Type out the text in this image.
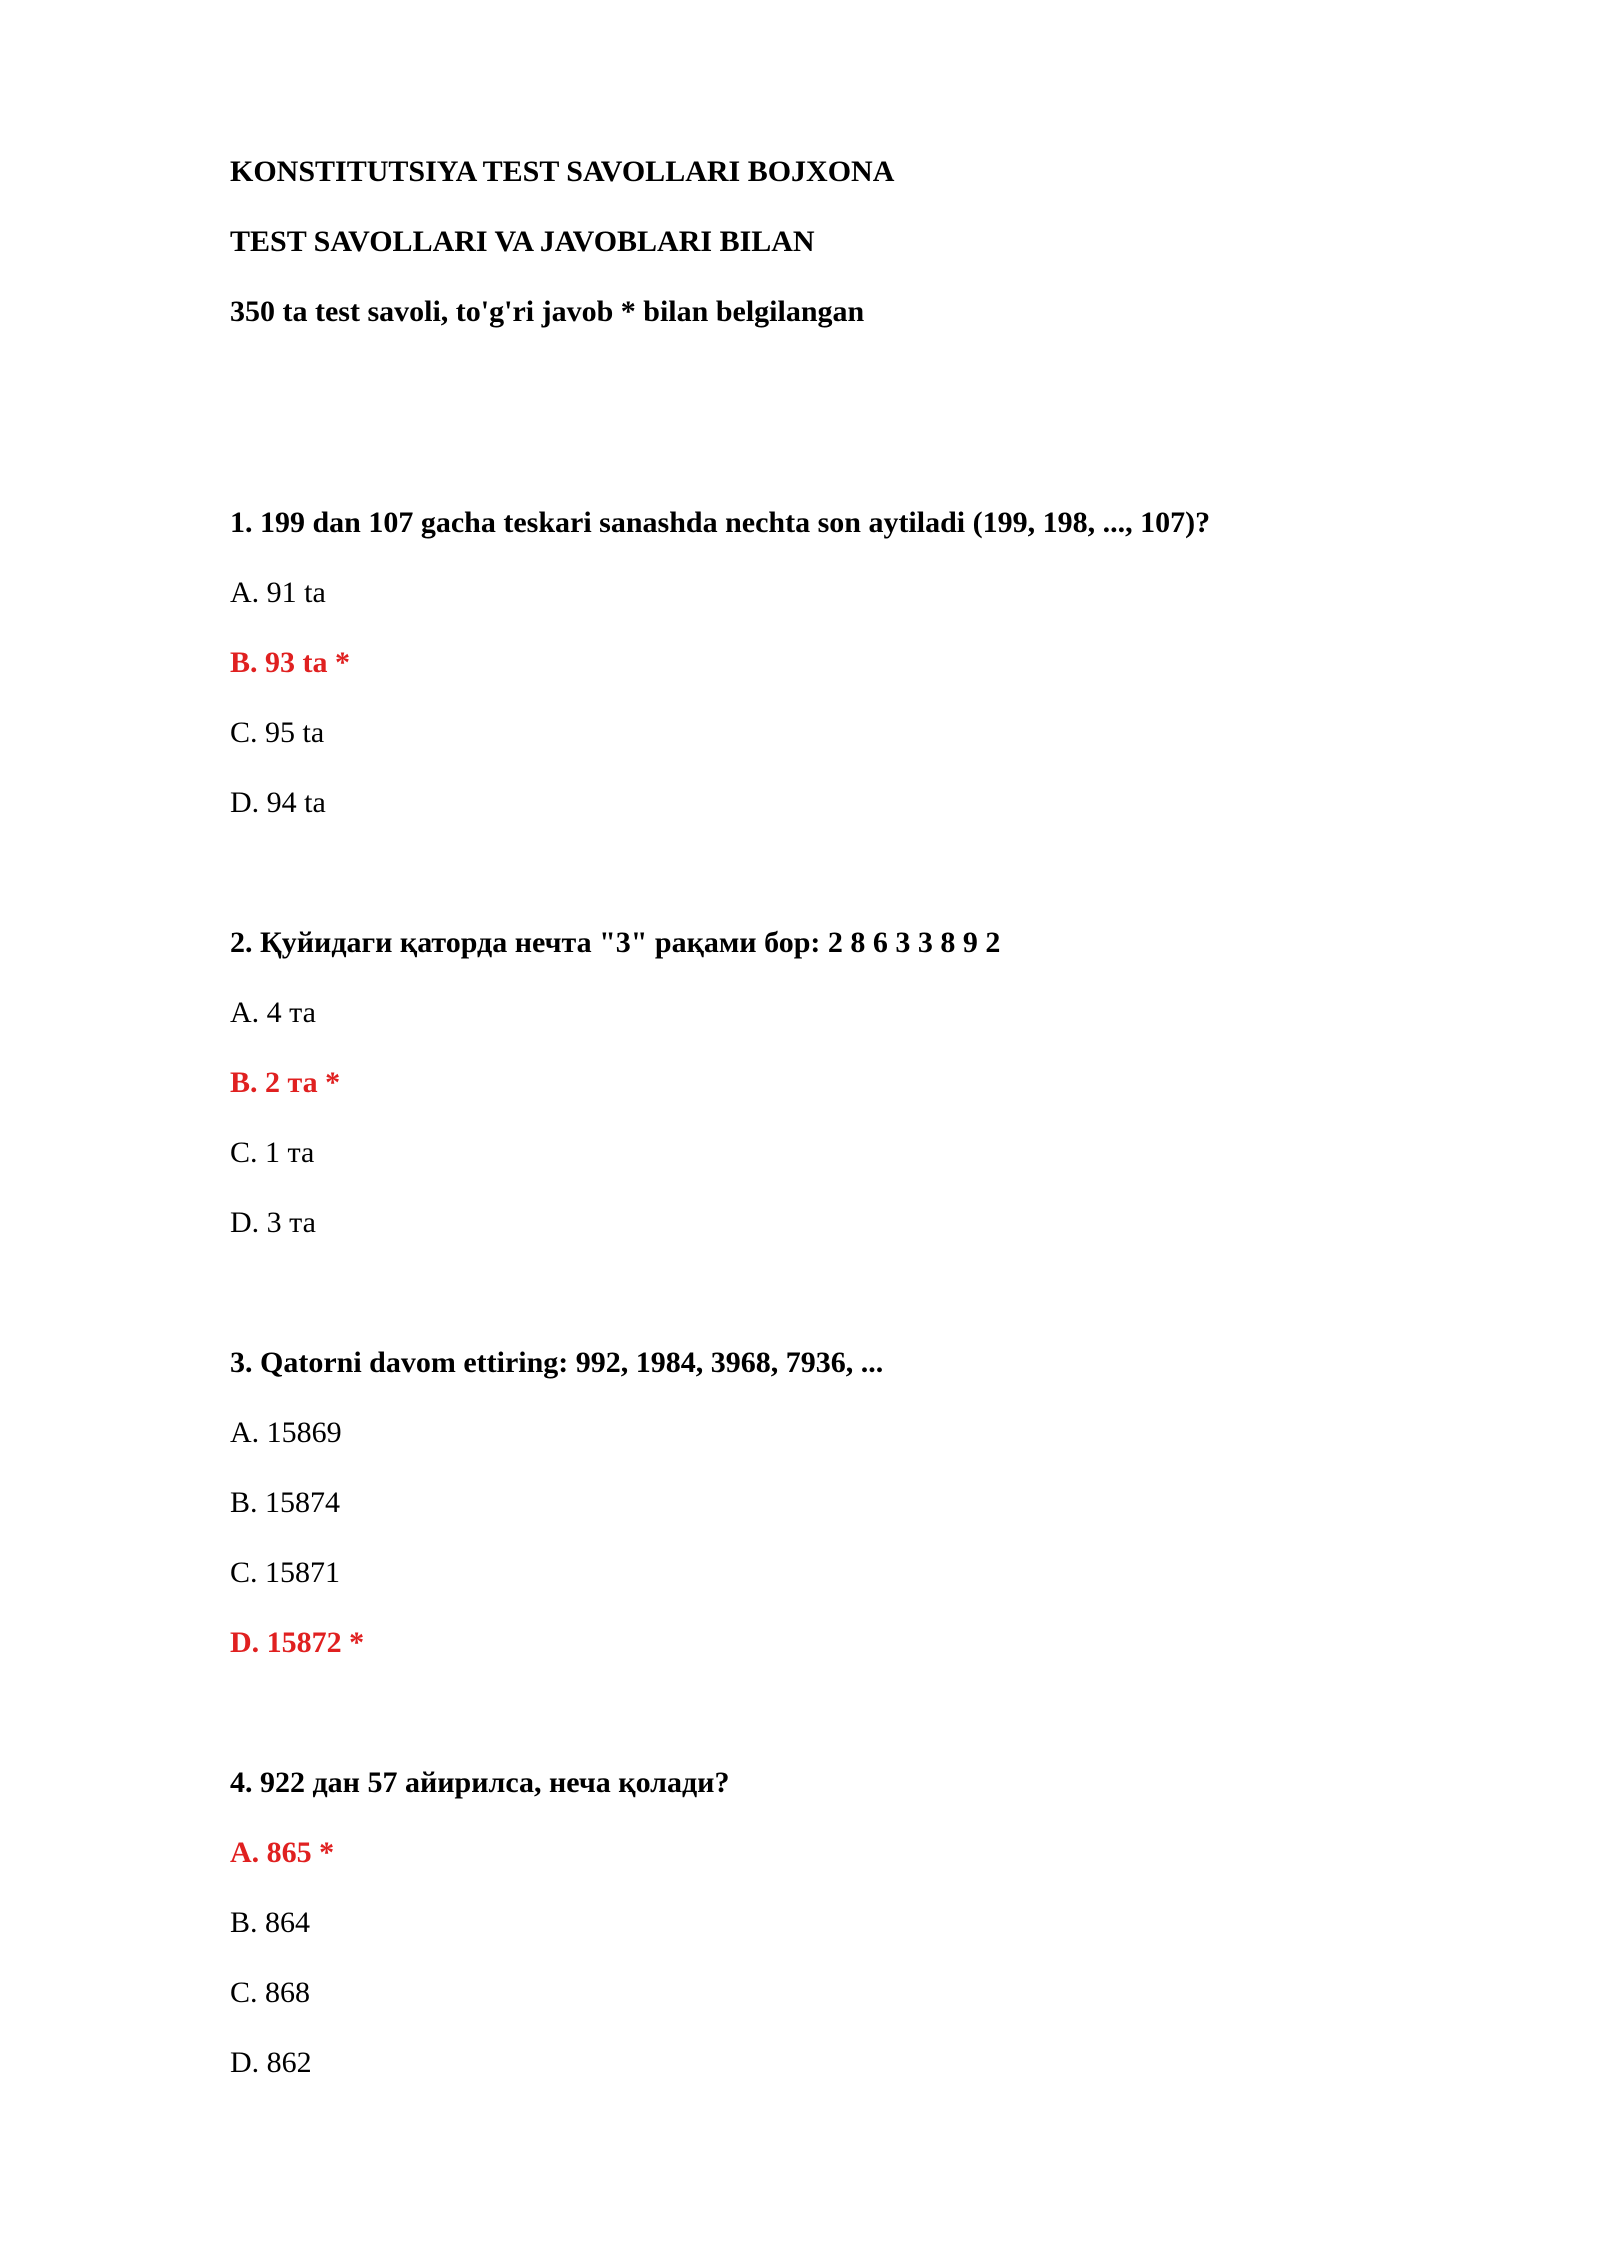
KONSTITUTSIYA TEST SAVOLLARI BOJXONA
TEST SAVOLLARI VA JAVOBLARI BILAN
350 ta test savoli, to'g'ri javob * bilan belgilangan
1. 199 dan 107 gacha teskari sanashda nechta son aytiladi (199, 198, ..., 107)?
A. 91 ta
B. 93 ta *
C. 95 ta
D. 94 ta
2. Қуйидаги қаторда нечта "3" рақами бор: 2 8 6 3 3 8 9 2
A. 4 та
B. 2 та *
C. 1 та
D. 3 та
3. Qatorni davom ettiring: 992, 1984, 3968, 7936, ...
A. 15869
B. 15874
C. 15871
D. 15872 *
4. 922 дан 57 айирилса, неча қолади?
A. 865 *
B. 864
C. 868
D. 862
